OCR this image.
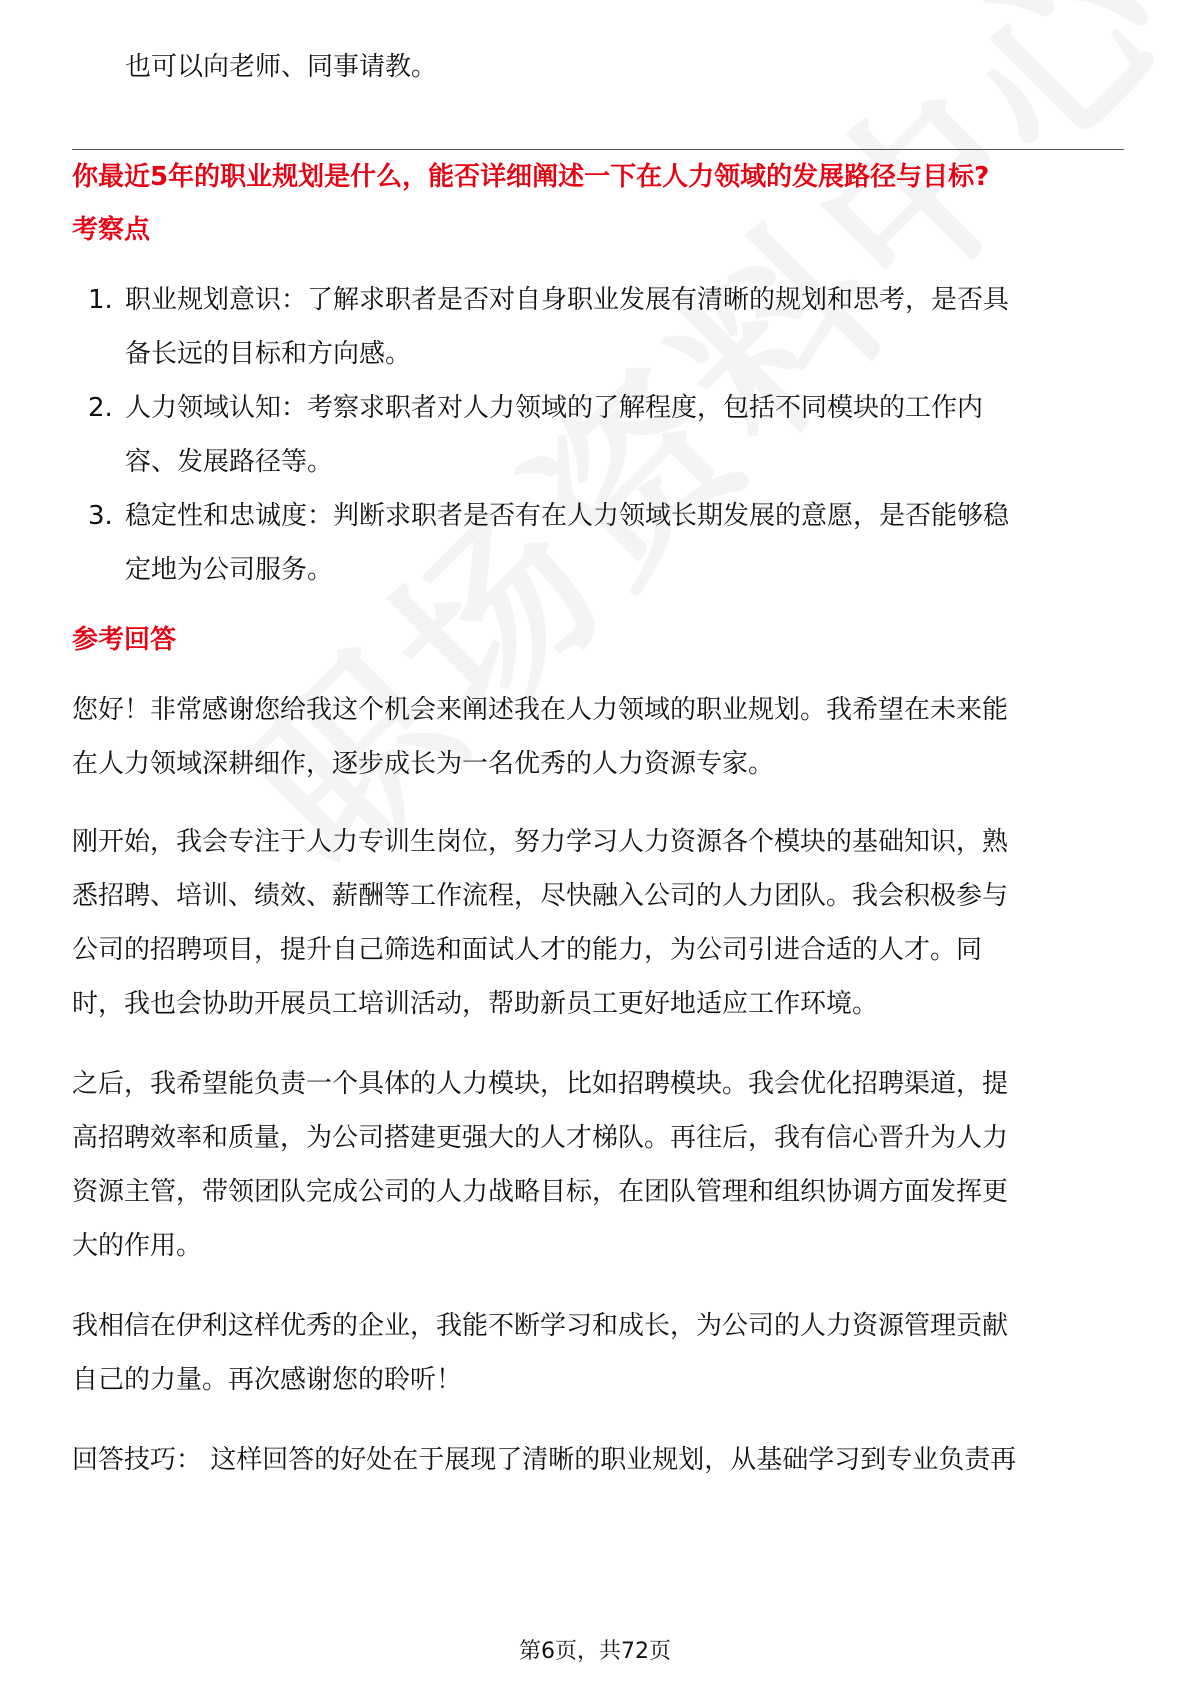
也可以向老师、同事请教。
你最近5年的职业规划是什么，能否详细阐述一下在人力领域的发展路径与目标?
考察点
1. 职业规划意识：了解求职者是否对自身职业发展有清晰的规划和思考，是否具
备长远的目标和方向感。
2. 人力领域认知：考察求职者对人力领域的了解程度，包括不同模块的工作内
容、发展路径等。
3. 稳定性和忠诚度：判断求职者是否有在人力领域长期发展的意愿，是否能够稳
定地为公司服务。
参考回答
您好！非常感谢您给我这个机会来阐述我在人力领域的职业规划。我希望在未来能
在人力领域深耕细作，逐步成长为一名优秀的人力资源专家。
刚开始，我会专注于人力专训生岗位，努力学习人力资源各个模块的基础知识，熟
悉招聘、培训、绩效、薪酬等工作流程，尽快融入公司的人力团队。我会积极参与
公司的招聘项目，提升自己筛选和面试人才的能力，为公司引进合适的人才。同
时，我也会协助开展员工培训活动，帮助新员工更好地适应工作环境。
之后，我希望能负责一个具体的人力模块，比如招聘模块。我会优化招聘渠道，提
高招聘效率和质量，为公司搭建更强大的人才梯队。再往后，我有信心晋升为人力
资源主管，带领团队完成公司的人力战略目标，在团队管理和组织协调方面发挥更
大的作用。
我相信在伊利这样优秀的企业，我能不断学习和成长，为公司的人力资源管理贡献
自己的力量。再次感谢您的聆听！
回答技巧： 这样回答的好处在于展现了清晰的职业规划，从基础学习到专业负责再
第6页，共72页
